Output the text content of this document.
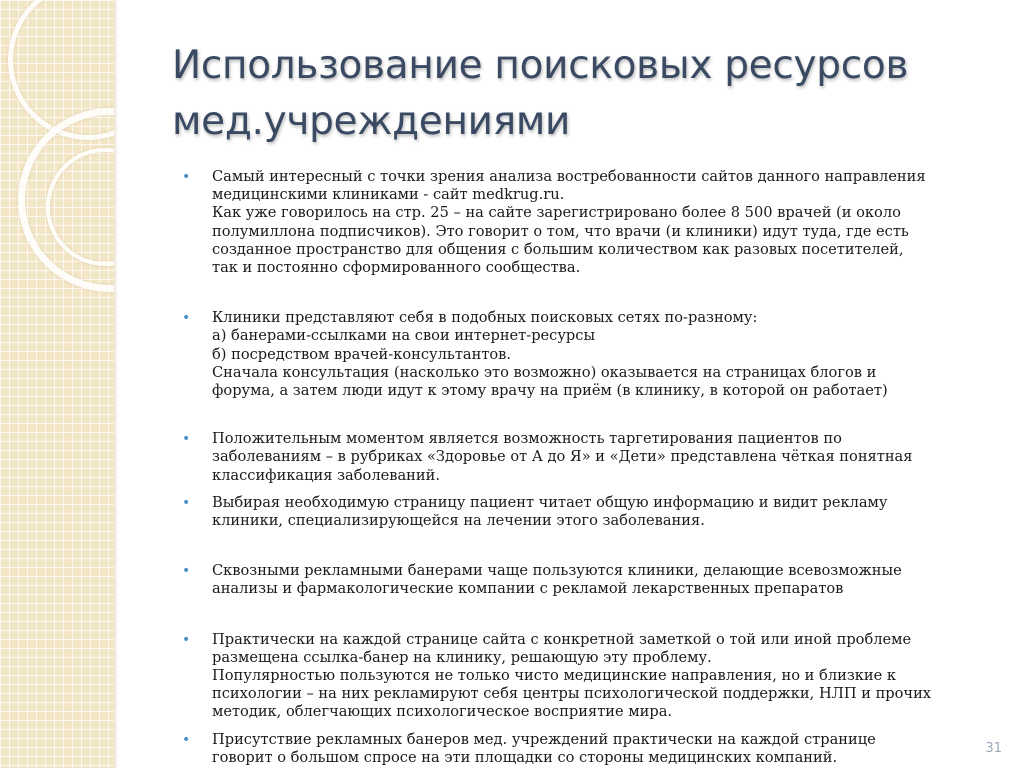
Использование поисковых ресурсов
мед.учреждениями
• Самый интересный с точки зрения анализа востребованности сайтов данного направления
медицинскими клиниками - сайт medkrug.ru.
Как уже говорилось на стр. 25 – на сайте зарегистрировано более 8 500 врачей (и около
полумиллона подписчиков). Это говорит о том, что врачи (и клиники) идут туда, где есть
созданное пространство для общения с большим количеством как разовых посетителей,
так и постоянно сформированного сообщества.
• Клиники представляют себя в подобных поисковых сетях по-разному:
а) банерами-ссылками на свои интернет-ресурсы
б) посредством врачей-консультантов.
Сначала консультация (насколько это возможно) оказывается на страницах блогов и
форума, а затем люди идут к этому врачу на приём (в клинику, в которой он работает)
• Положительным моментом является возможность таргетирования пациентов по
заболеваниям – в рубриках «Здоровье от А до Я» и «Дети» представлена чёткая понятная
классификация заболеваний.
• Выбирая необходимую страницу пациент читает общую информацию и видит рекламу
клиники, специализирующейся на лечении этого заболевания.
• Сквозными рекламными банерами чаще пользуются клиники, делающие всевозможные
анализы и фармакологические компании с рекламой лекарственных препаратов
• Практически на каждой странице сайта с конкретной заметкой о той или иной проблеме
размещена ссылка-банер на клинику, решающую эту проблему.
Популярностью пользуются не только чисто медицинские направления, но и близкие к
психологии – на них рекламируют себя центры психологической поддержки, НЛП и прочих
методик, облегчающих психологическое восприятие мира.
• Присутствие рекламных банеров мед. учреждений практически на каждой странице
говорит о большом спросе на эти площадки со стороны медицинских компаний.
31
